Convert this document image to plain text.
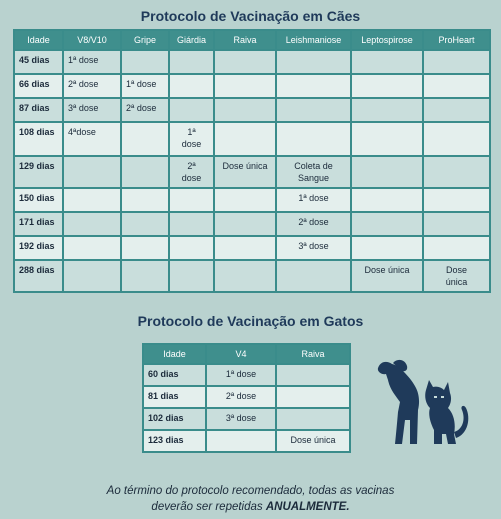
Protocolo de Vacinação em Cães
Idade	V8/V10	Gripe	Giárdia	Raiva	Leishmaniose	Leptospirose	ProHeart

45 dias	1ª dose						

66 dias	2ª dose	1ª dose					

87 dias	3ª dose	2ª dose					

108 dias	4ªdose		1ª
dose				

129 dias			2ª
dose	Dose única	Coleta de
Sangue		

150 dias					1ª dose		

171 dias					2ª dose		

192 dias					3ª dose		

288 dias						Dose única	Dose
única
Protocolo de Vacinação em Gatos
Idade	V4	Raiva

60 dias	1ª dose	

81 dias	2ª dose	

102 dias	3ª dose	

123 dias		Dose única
Ao término do protocolo recomendado, todas as vacinas
deverão ser repetidas ANUALMENTE.
